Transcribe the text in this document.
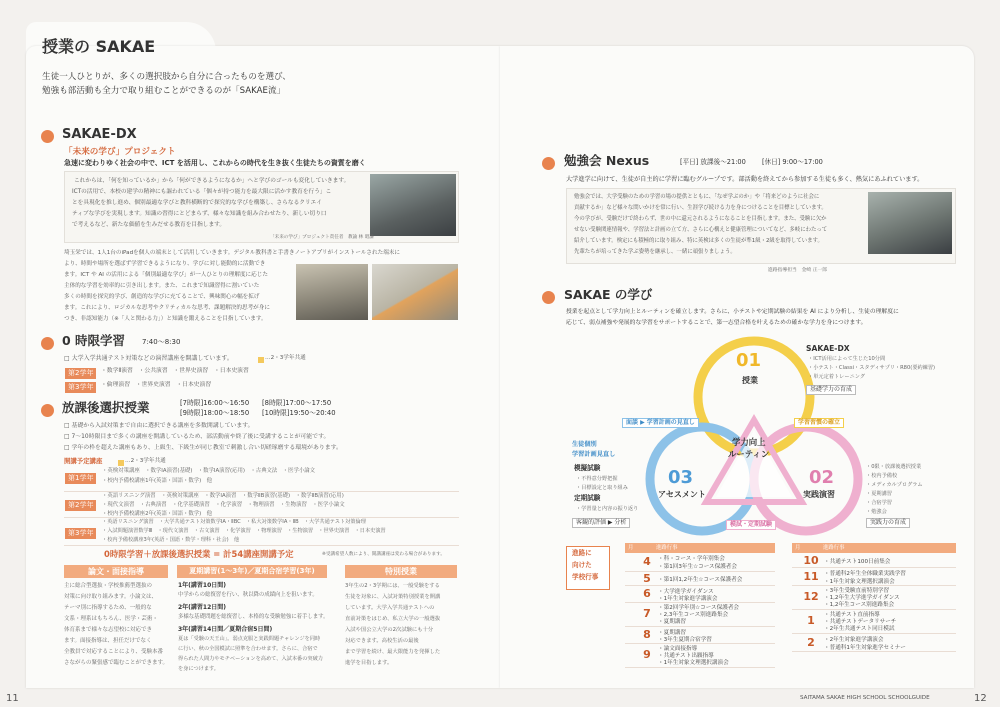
授業の SAKAE
生徒一人ひとりが、多くの選択肢から自分に合ったものを選び、
勉強も部活動も全力で取り組むことができるのが「SAKAE流」
SAKAE-DX
「未来の学び」プロジェクト
急速に変わりゆく社会の中で、ICT を活用し、これからの時代を生き抜く生徒たちの資質を磨く
これからは、「何を知っているか」から「何ができるようになるか」へと学びのゴールも変化していきます。
ICTの活用で、本校の建学の精神にも謳われている「個々が持つ能力を最大限に活かす教育を行う」こ
とを具現化を推し進め、個別最適な学びと教科横断的で探究的な学びを構築し、さらなるクリエイ
ティブな学びを実現します。知識の習得にとどまらず、様々な知識を組み合わせたり、新しい切り口
で考えるなど、新たな価値を生みだせる教育を目指します。
「未来の学び」プロジェクト責任者　教諭 林 昭謙
埼玉栄では、1人1台のiPadを個人の端末として活用していきます。デジタル教科書と手書きノートアプリがインストールされた端末に
より、時間や場所を選ばず学習できるようになり、学びに対し能動的に活動でき
ます。ICT や AI の活用による「個別最適な学び」が一人ひとりの理解度に応じた
主体的な学習を効率的に引き出します。また、これまで知識習得に割いていた
多くの時間を探究的学び、創造的な学びに充てることで、興味関心の幅を拡げ
ます。これにより、ロジカルな思考やクリティカルな思考、課題解決的思考が身に
つき、非認知能力（※「人と関わる力」）と知識を鍛えることを目指しています。
0 時限学習 7:40～8:30
□ 大学入学共通テスト対策などの演習講座を開講しています。	…2・3学年共通
第2学年	・数学Ⅱ演習　・公共演習　・世界史演習　・日本史演習
第3学年	・倫理演習　・世界史演習　・日本史演習
放課後選択授業	[7時限]16:00～16:50 [8時限]17:00～17:50
[9時限]18:00～18:50 [10時限]19:50～20:40
□ 基礎から入試対策まで自由に選択できる講座を多数開講しています。
□ 7～10時限目まで多くの講座を開講しているため、部活動前や終了後に受講することが可能です。
□ 学年の枠を超えた講座もあり、上級生、下級生が同じ教室で刺激し合い切磋琢磨する環境があります。
開講予定講座	…2・3学年共通
第1学年
・英検対策講座　・数学ⅠA演習(基礎)　・数学ⅠA演習(応用)　・古典文法　・医学小論文
・校内予備校講座1年(英語・国語・数学)　他
第2学年
・英語リスニング演習　・英検対策講座　・数学ⅠA演習　・数学ⅡB演習(基礎)　・数学ⅡB演習(応用)
・現代文演習　・古典演習　・化学基礎演習　・化学演習　・物理演習　・生物演習　・医学小論文
・校内予備校講座2年(英語・国語・数学)　他
第3学年
・英語リスニング演習　・大学共通テスト対策数学ⅠA・ⅡBC　・私大対策数学ⅠA・ⅡB　・大学共通テスト対策倫理
・入試問題演習数学Ⅲ　・現代文演習　・古文演習　・化学演習　・物理演習　・生物演習　・世界史演習　・日本史演習
・校内予備校講座3年(英語・国語・数学・理科・社会)　他
0時限学習＋放課後選択授業 = 計54講座開講予定	※受講希望人数により、開講講座は変わる場合があります。
論文・面接指導
主に総合型選抜・学校推薦型選抜の
対策に向け取り組みます。小論文は、
テーマ別に指導するため、一般的な
文系・理系はもちろん、医学・芸術・
体育系まで様々な志望校に対応でき
ます。面接指導は、担任だけでなく
全教員で対応することにより、受験本番
さながらの緊張感で臨むことができます。
夏期講習(1～3年)／夏期合宿学習(3年)
1年(講習10日間)
中学からの総復習を行い、秋以降の成績向上を狙います。
2年(講習12日間)
多様な基礎問題を総復習し、本格的な受験勉強に着手します。
3年(講習14日間／夏期合宿5日間)
夏は「受験の天王山」。弱点克服と実践問題チャレンジを同時
に行い、秋の全国模試に照準を合わせます。さらに、合宿で
得られた人間力やモチベーションを高めて、入試本番の突破力
を身につけます。
特別授業
3年生の2・3学期には、一般受験をする
生徒を対象に、入試対策特別授業を開講
しています。大学入学共通テストへの
直前対策をはじめ、私立大学の一般選抜
入試や国公立大学の2次試験にも十分
対応できます。高校生活の最後
まで学習を続け、最大限能力を発揮した
進学を目指します。
勉強会 Nexus	[平日] 放課後～21:00 [休日] 9:00～17:00
大学進学に向けて、生徒が自主的に学習に臨むグループです。部活動を終えてから参加する生徒も多く、熱気にあふれています。
勉強会では、大学受験のための学習の場の提供とともに、「なぜ学ぶのか」や「将来どのように社会に
貢献するか」など様々な問いかけを常に行い、生涯学び続ける力を身につけることを目標としています。
今の学びが、受験だけで終わらず、世の中に還元されるようになることを目指します。また、受験に欠か
せない受験関連情報や、学習法と計画の立て方、さらに心構えと健康管理についてなど、多岐にわたって
紹介しています。検定にも積極的に取り組み、特に英検は多くの生徒が準1級・2級を取得しています。
先輩たちが培ってきた学ぶ姿勢を継承し、一緒に頑張りましょう。
進路指導担当　金崎 正一郎
SAKAE の学び
授業を起点として学力向上とルーティンを確立します。さらに、小テストや定期試験の結果を AI により分析し、生徒の理解度に
応じて、弱点補強や発展的な学習をサポートすることで、第一志望合格を叶えるための確かな学力を身につけます。
01
授業
03
アセスメント
02
実践演習
学力向上
ルーティン
SAKAE-DX
・ICT活用によって生じた10分間
・小テスト・Classi・スタディサプリ・R80(要約練習)
・単元定着トレーニング
基礎学力の育成
面談 ▶ 学習計画の見直し	学習習慣の確立
模試・定期試験
生徒個別
学習計画見直し
模擬試験
・不得意分野把握
・目標設定と取り組み
定期試験
・学習量と内容の振り返り
客観的評価 ▶ 分析
・0限・放課後選択授業
・校内予備校
・メディカルプログラム
・夏期講習
・合宿学習
・勉強会
実践力の育成
進路に
向けた
学校行事
月	進路行事	月	進路行事
4	・科・コース・学年別集会
・第1回3年生☆コース保護者会
5	・第1回1,2年生☆コース保護者会
6	・大学進学ガイダンス
・1年生対象進学講演会
7	・第2回学年別☆コース保護者会
・2,3年生コース別進路集会
・夏期講習
8	・夏期講習
・3年生夏期合宿学習
9	・論文面接指導
・共通テスト出願指導
・1年生対象文理選択講演会
10 ・共通テスト100日前集会
11 ・普通科2年生全体職業実践学習
・1年生対象文理選択講演会
12 ・3年生受験直前特別学習
・1,2年生大学進学ガイダンス
・1,2年生コース別進路集会
1	・共通テスト直前指導
・共通テストデータリサーチ
・2年生共通テスト同日模試
2	・2年生対象進学講演会
・普通科1年生対象進学セミナー
11	SAITAMA SAKAE HIGH SCHOOL SCHOOLGUIDE	12
